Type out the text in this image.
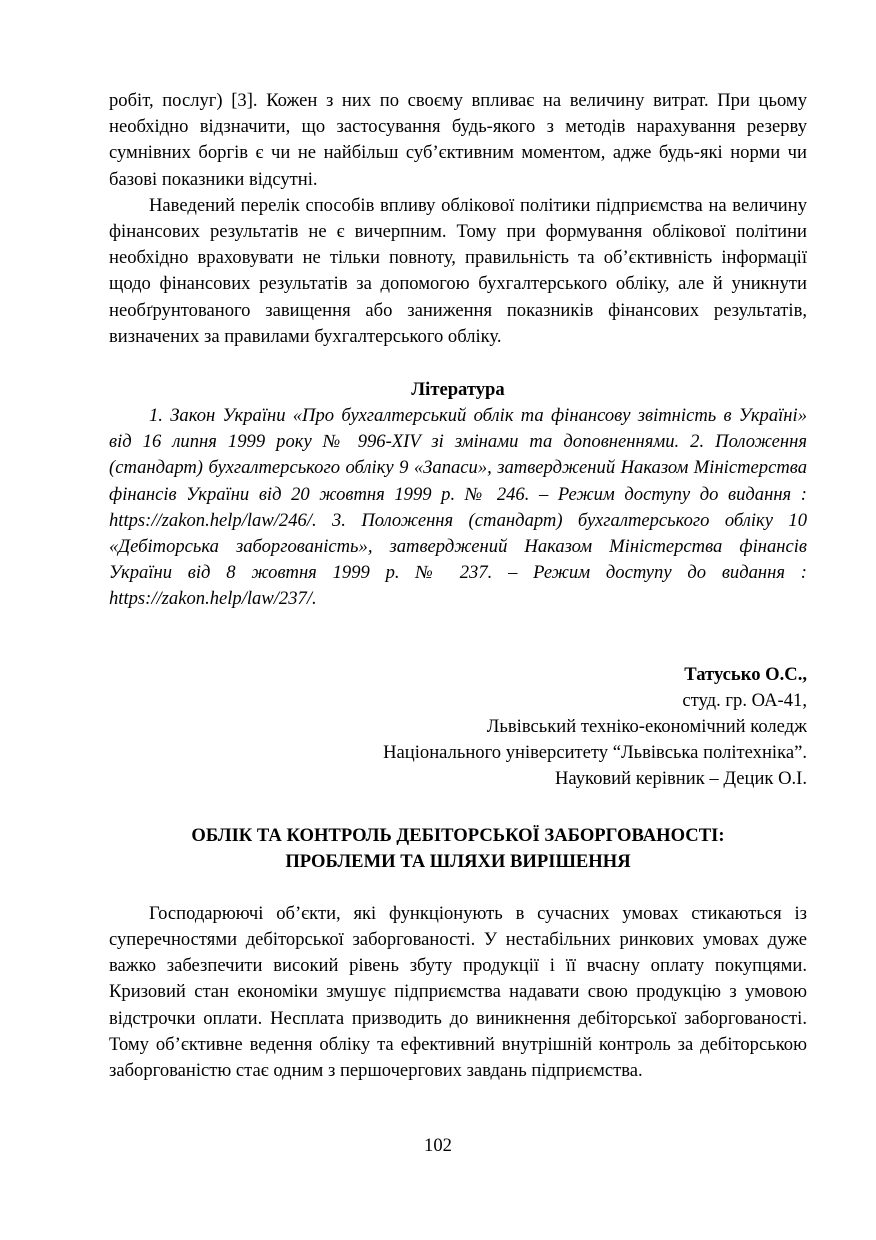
робіт, послуг) [3]. Кожен з них по своєму впливає на величину витрат. При цьому необхідно відзначити, що застосування будь-якого з методів нарахування резерву сумнівних боргів є чи не найбільш суб’єктивним моментом, адже будь-які норми чи базові показники відсутні.

Наведений перелік способів впливу облікової політики підприємства на величину фінансових результатів не є вичерпним. Тому при формування облікової політини необхідно враховувати не тільки повноту, правильність та об’єктивність інформації щодо фінансових результатів за допомогою бухгалтерського обліку, але й уникнути необґрунтованого завищення або заниження показників фінансових результатів, визначених за правилами бухгалтерського обліку.

Література

1. Закон України «Про бухгалтерський облік та фінансову звітність в Україні» від 16 липня 1999 року № 996-XIV зі змінами та доповненнями. 2. Положення (стандарт) бухгалтерського обліку 9 «Запаси», затверджений Наказом Міністерства фінансів України від 20 жовтня 1999 р. № 246. – Режим доступу до видання : https://zakon.help/law/246/. 3. Положення (стандарт) бухгалтерського обліку 10 «Дебіторська заборгованість», затверджений Наказом Міністерства фінансів України від 8 жовтня 1999 р. № 237. – Режим доступу до видання : https://zakon.help/law/237/.

Татусько О.С.,
студ. гр. ОА-41,
Львівський техніко-економічний коледж
Національного університету “Львівська політехніка”.
Науковий керівник – Децик О.І.
ОБЛІК ТА КОНТРОЛЬ ДЕБІТОРСЬКОЇ ЗАБОРГОВАНОСТІ:
ПРОБЛЕМИ ТА ШЛЯХИ ВИРІШЕННЯ

Господарюючі об’єкти, які функціонують в сучасних умовах стикаються із суперечностями дебіторської заборгованості. У нестабільних ринкових умовах дуже важко забезпечити високий рівень збуту продукції і її вчасну оплату покупцями. Кризовий стан економіки змушує підприємства надавати свою продукцію з умовою відстрочки оплати. Несплата призводить до виникнення дебіторської заборгованості. Тому об’єктивне ведення обліку та ефективний внутрішній контроль за дебіторською заборгованістю стає одним з першочергових завдань підприємства.

102
